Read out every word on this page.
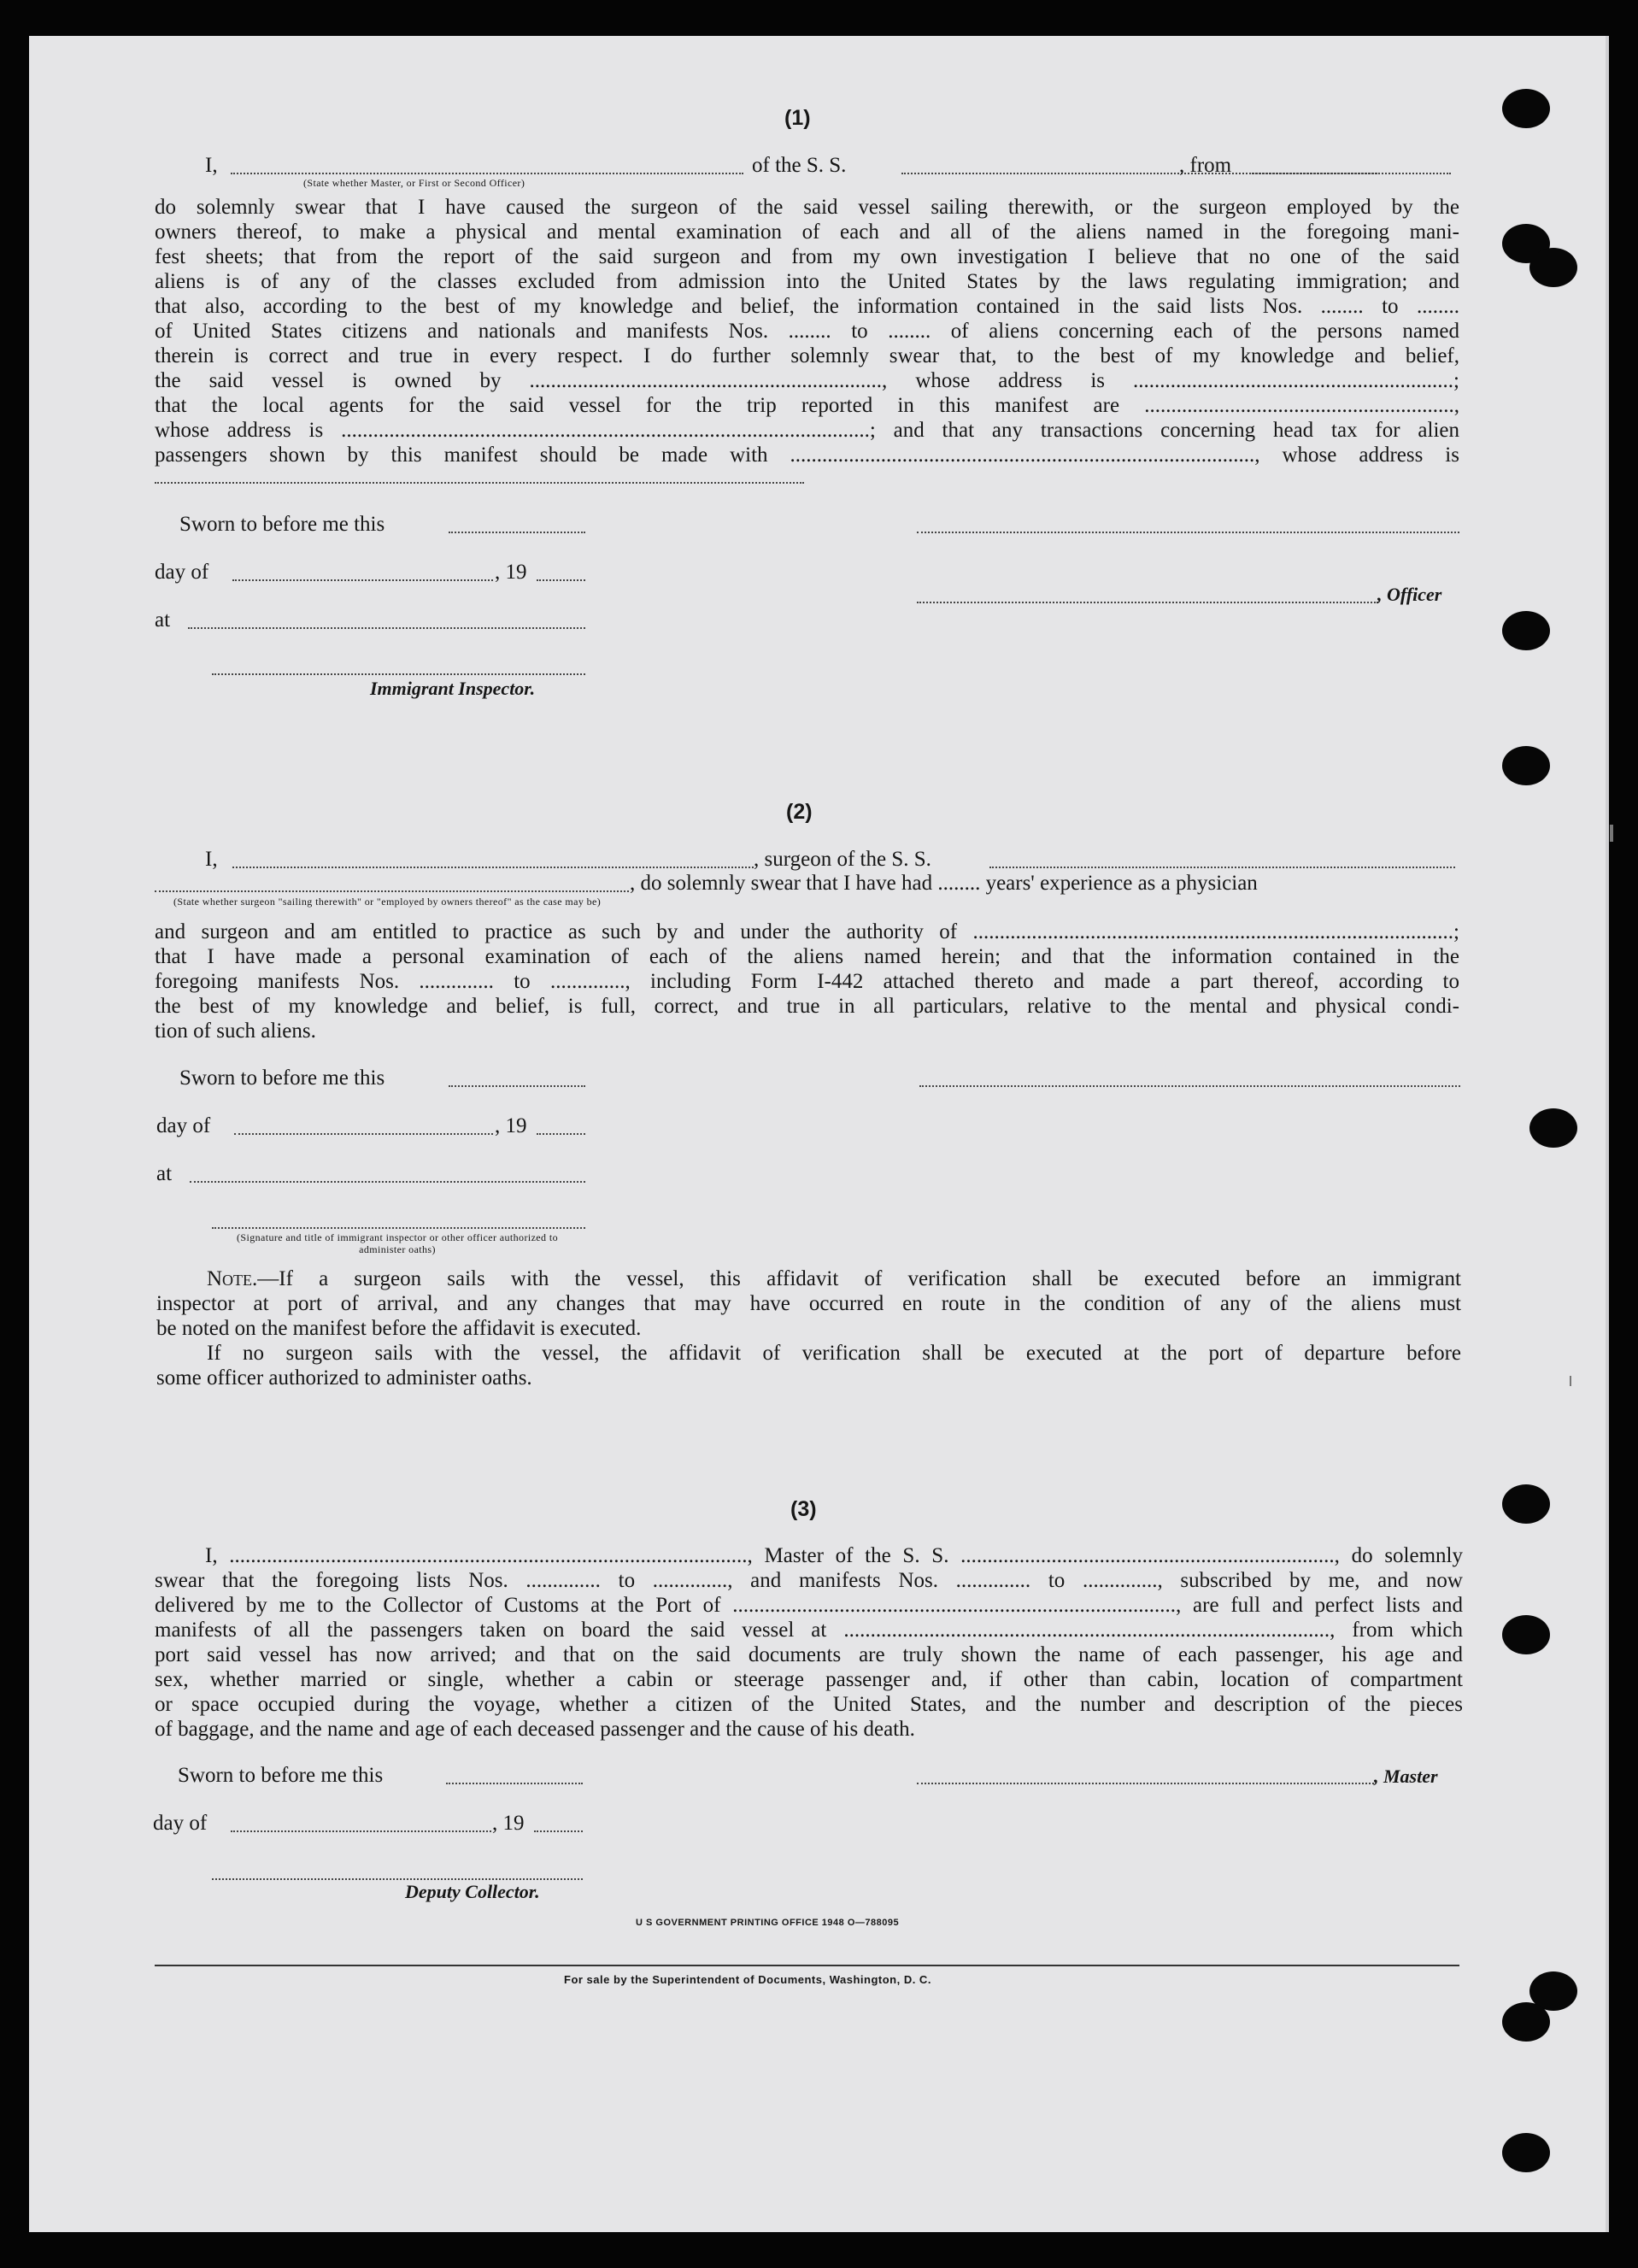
(1)
I,	of the S. S.	, from
(State whether Master, or First or Second Officer)
do solemnly swear that I have caused the surgeon of the said vessel sailing therewith, or the surgeon employed by the
owners thereof, to make a physical and mental examination of each and all of the aliens named in the foregoing mani-
fest sheets; that from the report of the said surgeon and from my own investigation I believe that no one of the said
aliens is of any of the classes excluded from admission into the United States by the laws regulating immigration; and
that also, according to the best of my knowledge and belief, the information contained in the said lists Nos. ........ to ........
of United States citizens and nationals and manifests Nos. ........ to ........ of aliens concerning each of the persons named
therein is correct and true in every respect. I do further solemnly swear that, to the best of my knowledge and belief,
the said vessel is owned by .................................................................., whose address is ............................................................;
that the local agents for the said vessel for the trip reported in this manifest are ..........................................................,
whose address is ...................................................................................................; and that any transactions concerning head tax for alien
passengers shown by this manifest should be made with ......................................................................................., whose address is
Sworn to before me this
day of	, 19
, Officer
at
Immigrant Inspector.
(2)
I,	, surgeon of the S. S.
, do solemnly swear that I have had ........ years' experience as a physician
(State whether surgeon "sailing therewith" or "employed by owners thereof" as the case may be)
and surgeon and am entitled to practice as such by and under the authority of ..........................................................................................;
that I have made a personal examination of each of the aliens named herein; and that the information contained in the
foregoing manifests Nos. .............. to .............., including Form I-442 attached thereto and made a part thereof, according to
the best of my knowledge and belief, is full, correct, and true in all particulars, relative to the mental and physical condi-
tion of such aliens.
Sworn to before me this
day of	, 19
at
(Signature and title of immigrant inspector or other officer authorized to administer oaths)
Note.—If a surgeon sails with the vessel, this affidavit of verification shall be executed before an immigrant
inspector at port of arrival, and any changes that may have occurred en route in the condition of any of the aliens must
be noted on the manifest before the affidavit is executed.
If no surgeon sails with the vessel, the affidavit of verification shall be executed at the port of departure before
some officer authorized to administer oaths.
(3)
I, ................................................................................................., Master of the S. S. ......................................................................, do solemnly
swear that the foregoing lists Nos. .............. to .............., and manifests Nos. .............. to .............., subscribed by me, and now
delivered by me to the Collector of Customs at the Port of ..................................................................................., are full and perfect lists and
manifests of all the passengers taken on board the said vessel at ..........................................................................................., from which
port said vessel has now arrived; and that on the said documents are truly shown the name of each passenger, his age and
sex, whether married or single, whether a cabin or steerage passenger and, if other than cabin, location of compartment
or space occupied during the voyage, whether a citizen of the United States, and the number and description of the pieces
of baggage, and the name and age of each deceased passenger and the cause of his death.
Sworn to before me this	, Master
day of	, 19
Deputy Collector.
U S GOVERNMENT PRINTING OFFICE 1948 O—788095
For sale by the Superintendent of Documents, Washington, D. C.
